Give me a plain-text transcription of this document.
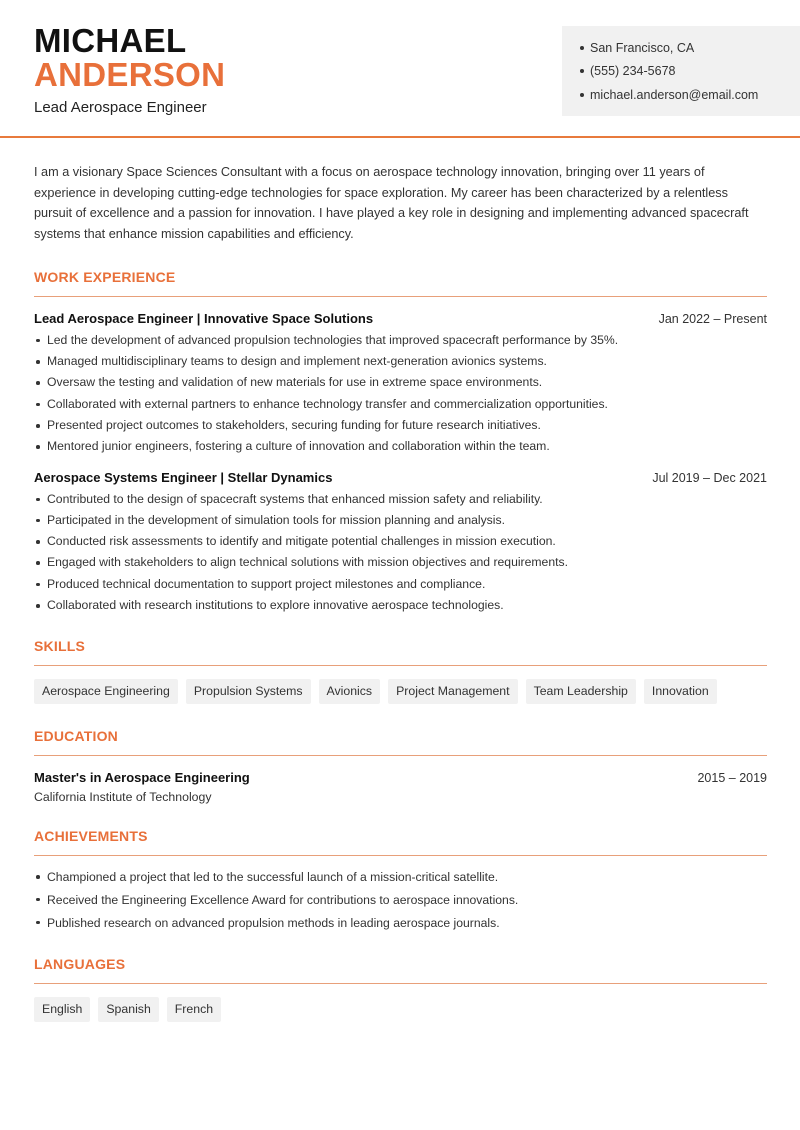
MICHAEL
ANDERSON
Lead Aerospace Engineer
San Francisco, CA
(555) 234-5678
michael.anderson@email.com

I am a visionary Space Sciences Consultant with a focus on aerospace technology innovation, bringing over 11 years of experience in developing cutting-edge technologies for space exploration. My career has been characterized by a relentless pursuit of excellence and a passion for innovation. I have played a key role in designing and implementing advanced spacecraft systems that enhance mission capabilities and efficiency.

WORK EXPERIENCE
Lead Aerospace Engineer | Innovative Space Solutions	Jan 2022 – Present
Led the development of advanced propulsion technologies that improved spacecraft performance by 35%.
Managed multidisciplinary teams to design and implement next-generation avionics systems.
Oversaw the testing and validation of new materials for use in extreme space environments.
Collaborated with external partners to enhance technology transfer and commercialization opportunities.
Presented project outcomes to stakeholders, securing funding for future research initiatives.
Mentored junior engineers, fostering a culture of innovation and collaboration within the team.
Aerospace Systems Engineer | Stellar Dynamics	Jul 2019 – Dec 2021
Contributed to the design of spacecraft systems that enhanced mission safety and reliability.
Participated in the development of simulation tools for mission planning and analysis.
Conducted risk assessments to identify and mitigate potential challenges in mission execution.
Engaged with stakeholders to align technical solutions with mission objectives and requirements.
Produced technical documentation to support project milestones and compliance.
Collaborated with research institutions to explore innovative aerospace technologies.
SKILLS
Aerospace Engineering	Propulsion Systems	Avionics	Project Management	Team Leadership	Innovation
EDUCATION
Master's in Aerospace Engineering	2015 – 2019
California Institute of Technology
ACHIEVEMENTS
Championed a project that led to the successful launch of a mission-critical satellite.
Received the Engineering Excellence Award for contributions to aerospace innovations.
Published research on advanced propulsion methods in leading aerospace journals.
LANGUAGES
English	Spanish	French
